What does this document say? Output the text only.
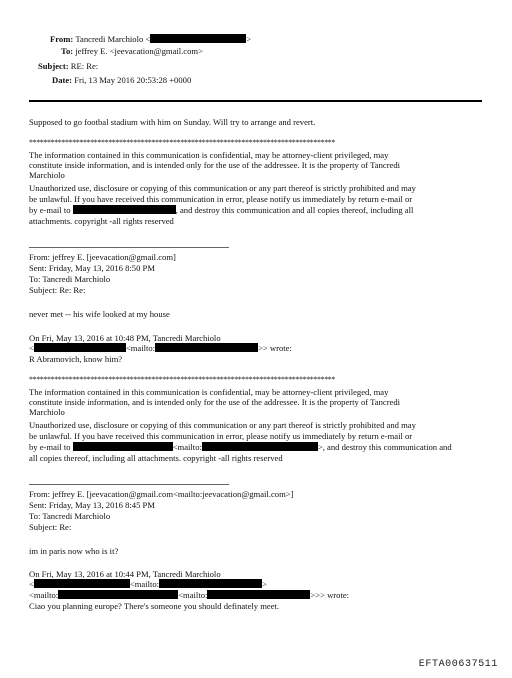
From: Tancredi Marchiolo <	>
To: jeffrey E. <jeevacation@gmail.com>
Subject: RE: Re:
Date: Fri, 13 May 2016 20:53:28 +0000
Supposed to go footbal stadium with him on Sunday. Will try to arrange and revert.
*************************************************************************************
The information contained in this communication is confidential, may be attorney-client privileged, may
constitute inside information, and is intended only for the use of the addressee. It is the property of Tancredi
Marchiolo
Unauthorized use, disclosure or copying of this communication or any part thereof is strictly prohibited and may
be unlawful. If you have received this communication in error, please notify us immediately by return e-mail or
by e-mail to	, and destroy this communication and all copies thereof, including all
attachments. copyright -all rights reserved
From: jeffrey E. [jeevacation@gmail.com]
Sent: Friday, May 13, 2016 8:50 PM
To: Tancredi Marchiolo
Subject: Re: Re:
never met -- his wife looked at my house
On Fri, May 13, 2016 at 10:48 PM, Tancredi Marchiolo
<	<mailto:	>> wrote:
R Abramovich, know him?
*************************************************************************************
The information contained in this communication is confidential, may be attorney-client privileged, may
constitute inside information, and is intended only for the use of the addressee. It is the property of Tancredi
Marchiolo
Unauthorized use, disclosure or copying of this communication or any part thereof is strictly prohibited and may
be unlawful. If you have received this communication in error, please notify us immediately by return e-mail or
by e-mail to	<mailto:	>, and destroy this communication and
all copies thereof, including all attachments. copyright -all rights reserved
From: jeffrey E. [jeevacation@gmail.com<mailto:jeevacation@gmail.com>]
Sent: Friday, May 13, 2016 8:45 PM
To: Tancredi Marchiolo
Subject: Re:
im in paris now who is it?
On Fri, May 13, 2016 at 10:44 PM, Tancredi Marchiolo
<	<mailto:	>
<mailto:	<mailto:	>>> wrote:
Ciao you planning europe? There's someone you should definately meet.
EFTA00637511
